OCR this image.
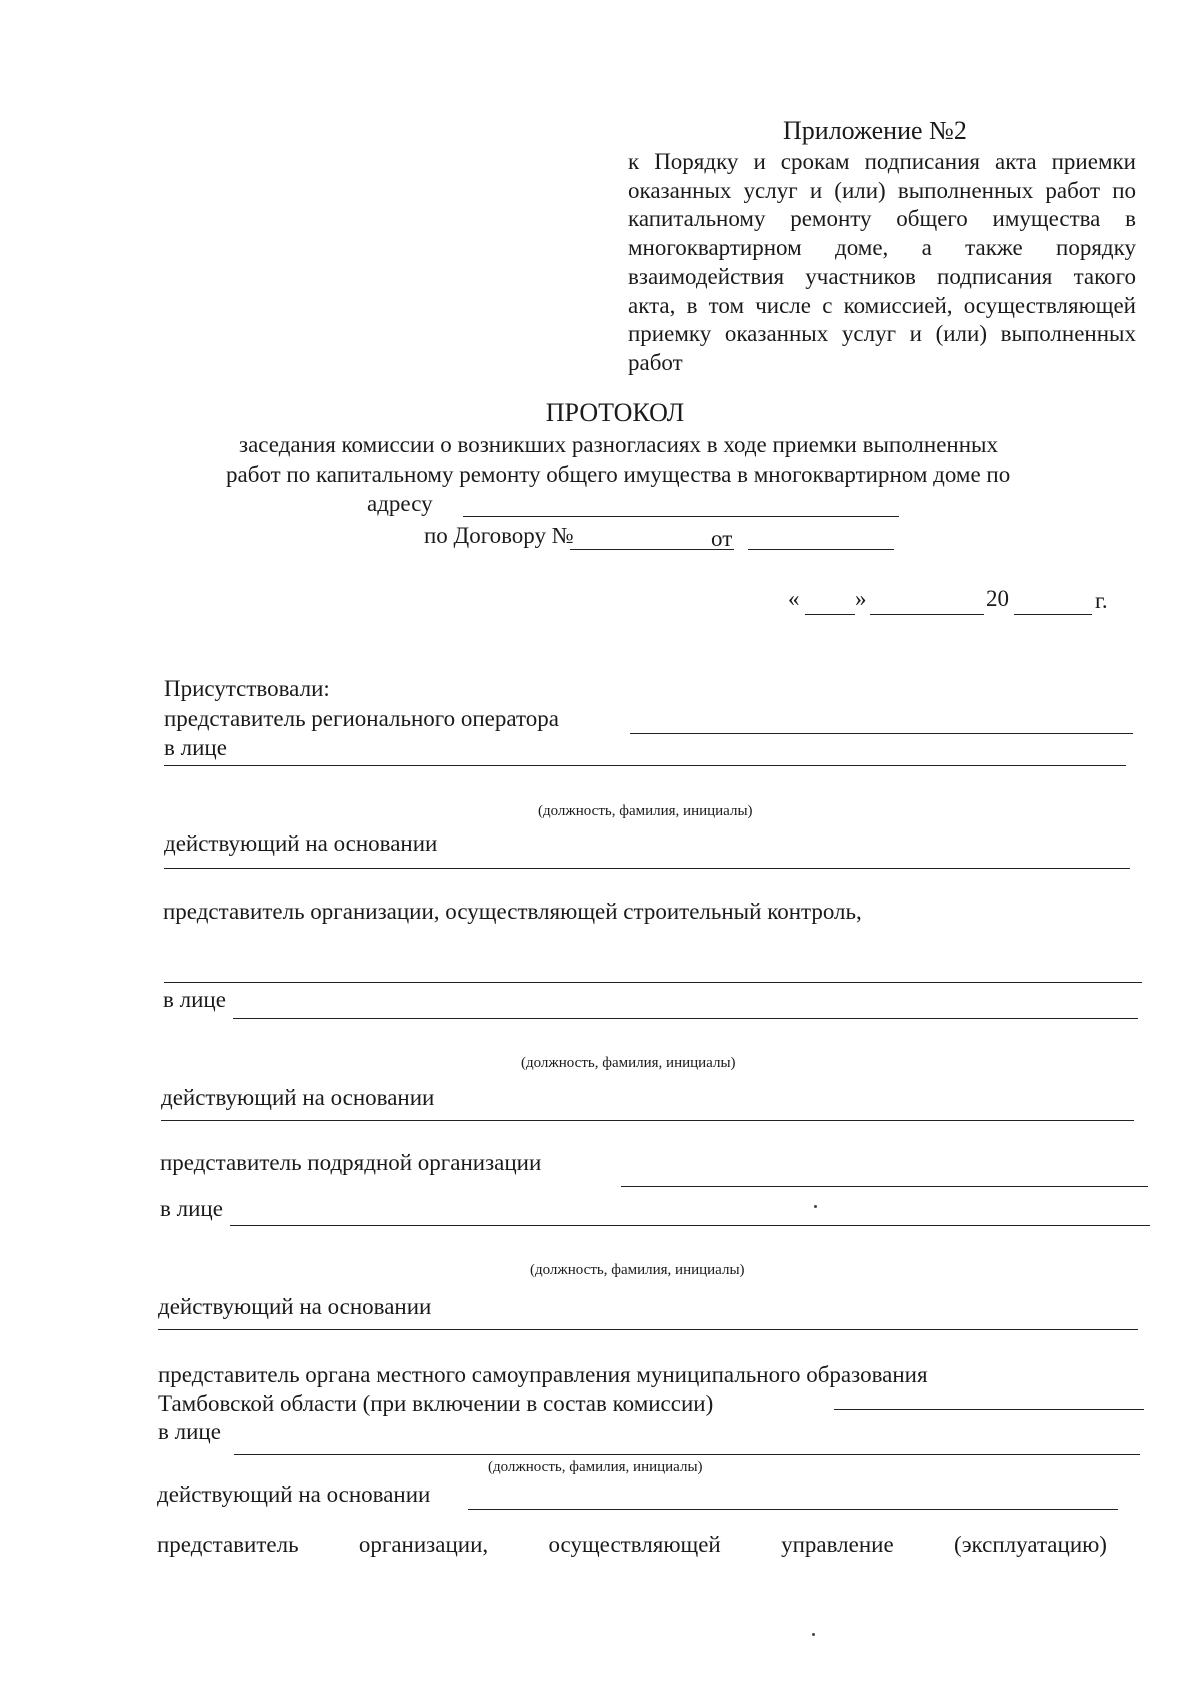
Приложение №2
к Порядку и срокам подписания акта приемки
оказанных услуг и (или) выполненных работ по
капитальному ремонту общего имущества в
многоквартирном доме, а также порядку
взаимодействия участников подписания такого
акта, в том числе с комиссией, осуществляющей
приемку оказанных услуг и (или) выполненных
работ
ПРОТОКОЛ
заседания комиссии о возникших разногласиях в ходе приемки выполненных
работ по капитальному ремонту общего имущества в многоквартирном доме по
адресу
по Договору №	от
« »	20	г.
Присутствовали:
представитель регионального оператора
в лице
(должность, фамилия, инициалы)
действующий на основании
представитель организации, осуществляющей строительный контроль,
в лице
(должность, фамилия, инициалы)
действующий на основании
представитель подрядной организации
в лице
(должность, фамилия, инициалы)
действующий на основании
представитель органа местного самоуправления муниципального образования
Тамбовской области (при включении в состав комиссии)
в лице
(должность, фамилия, инициалы)
действующий на основании
представитель	организации,	осуществляющей	управление	(эксплуатацию)
